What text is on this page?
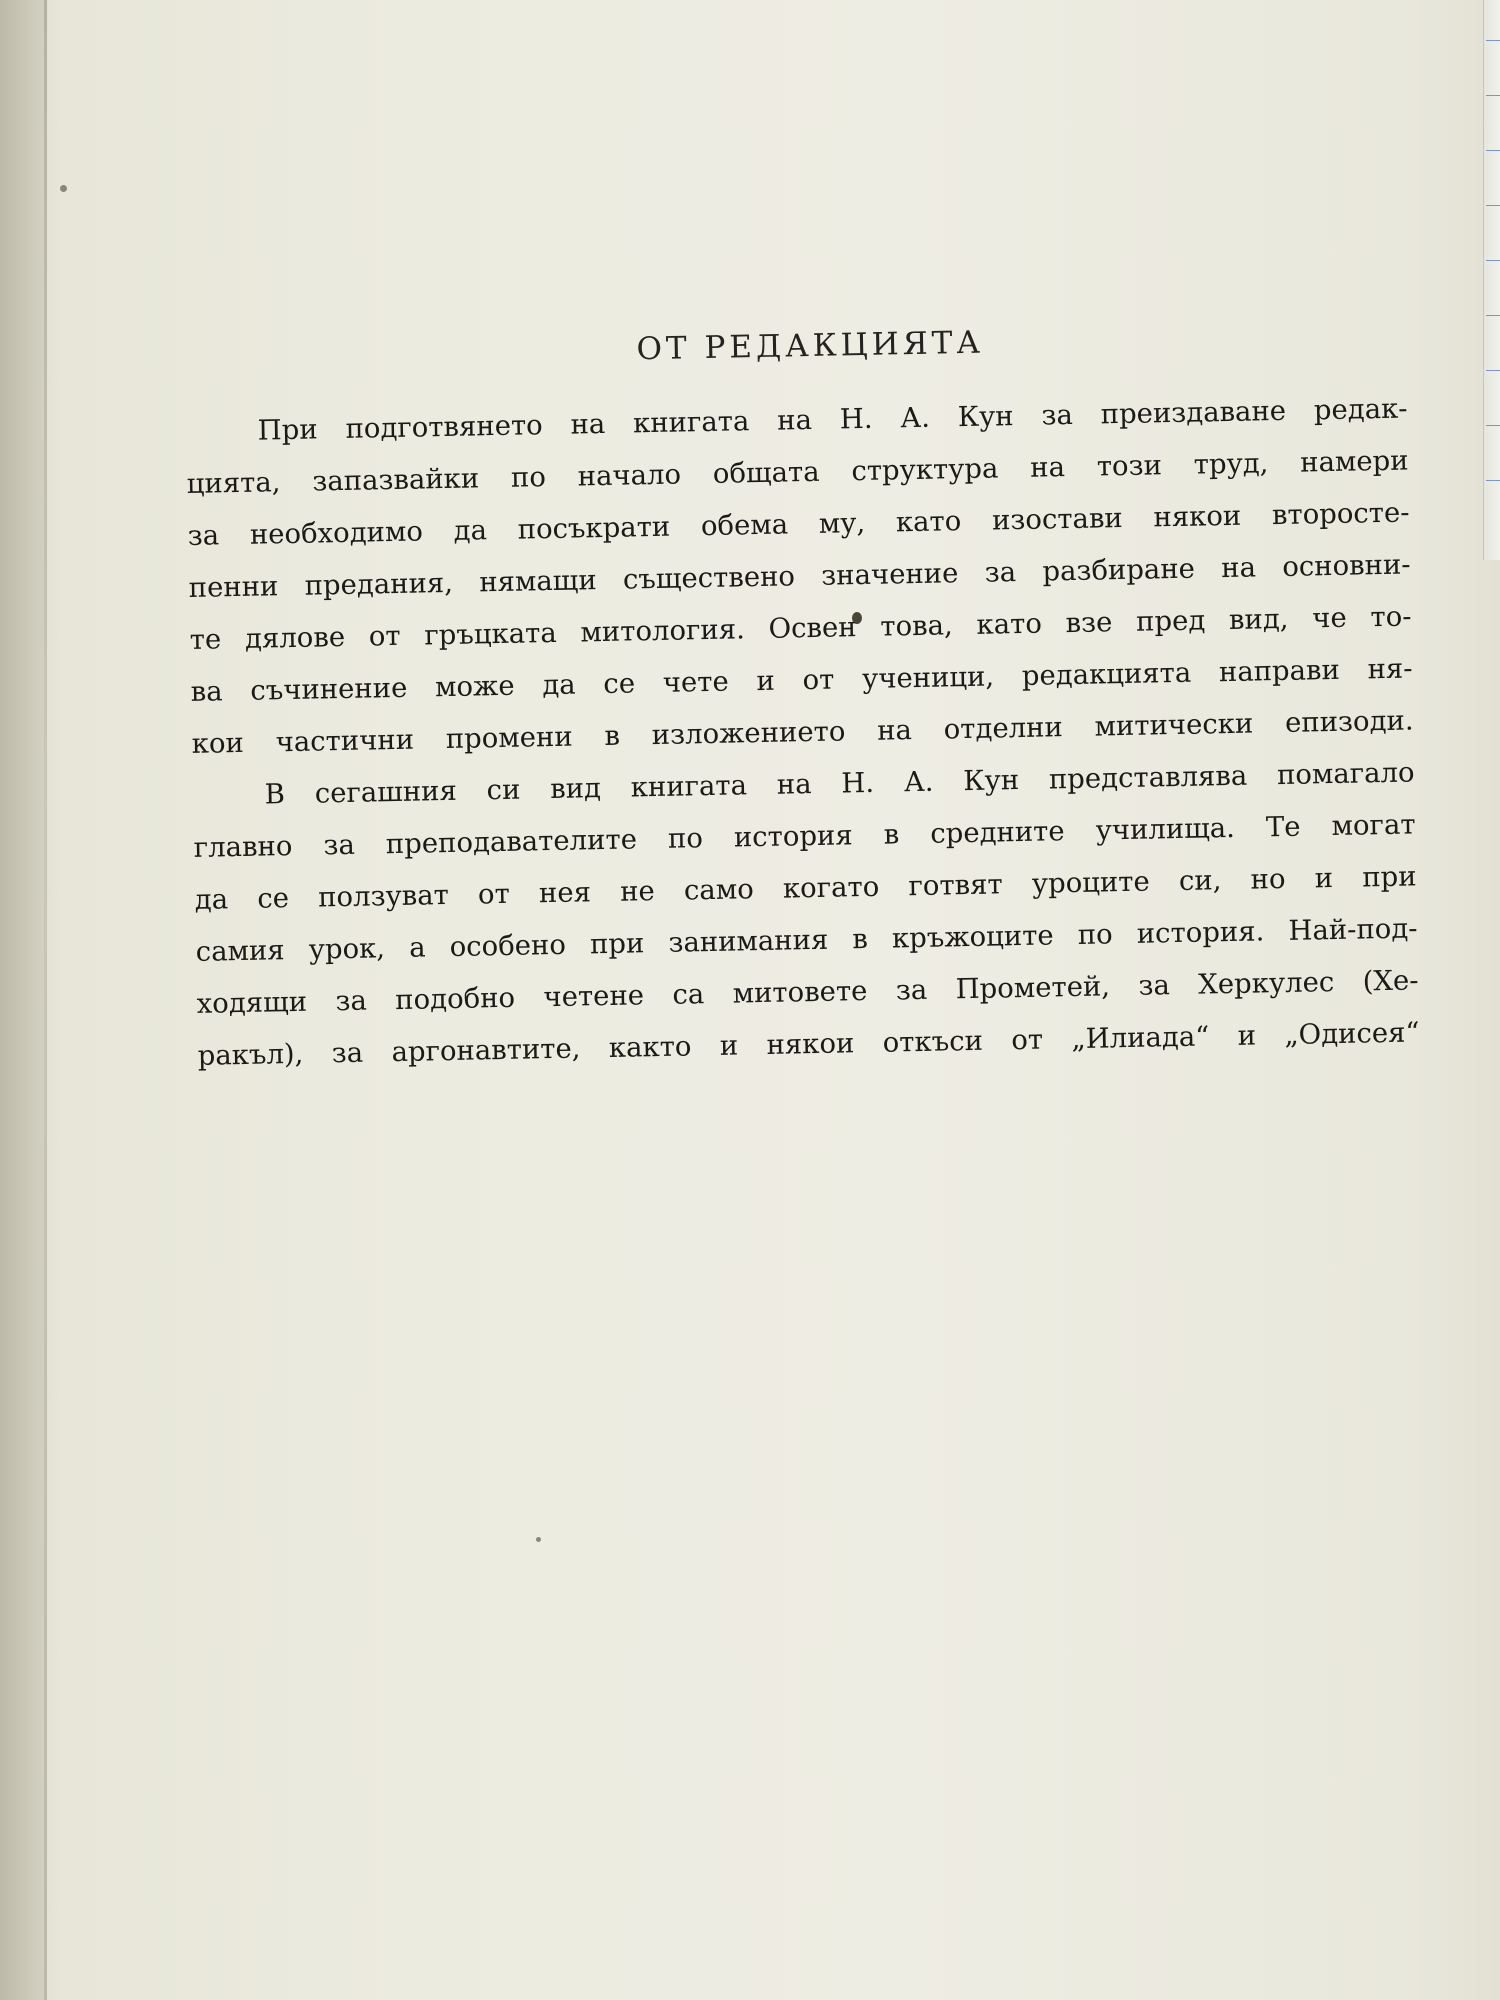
ОТ РЕДАКЦИЯТА
При подготвянето на книгата на Н. А. Кун за преиздаване редак-
цията, запазвайки по начало общата структура на този труд, намери
за необходимо да посъкрати обема му, като изостави някои второсте-
пенни предания, нямащи съществено значение за разбиране на основни-
те дялове от гръцката митология. Освен това, като взе пред вид, че то-
ва съчинение може да се чете и от ученици, редакцията направи ня-
кои частични промени в изложението на отделни митически епизоди.
В сегашния си вид книгата на Н. А. Кун представлява помагало
главно за преподавателите по история в средните училища. Те могат
да се ползуват от нея не само когато готвят уроците си, но и при
самия урок, а особено при занимания в кръжоците по история. Най-под-
ходящи за подобно четене са митовете за Прометей, за Херкулес (Хе-
ракъл), за аргонавтите, както и някои откъси от „Илиада“ и „Одисея“
